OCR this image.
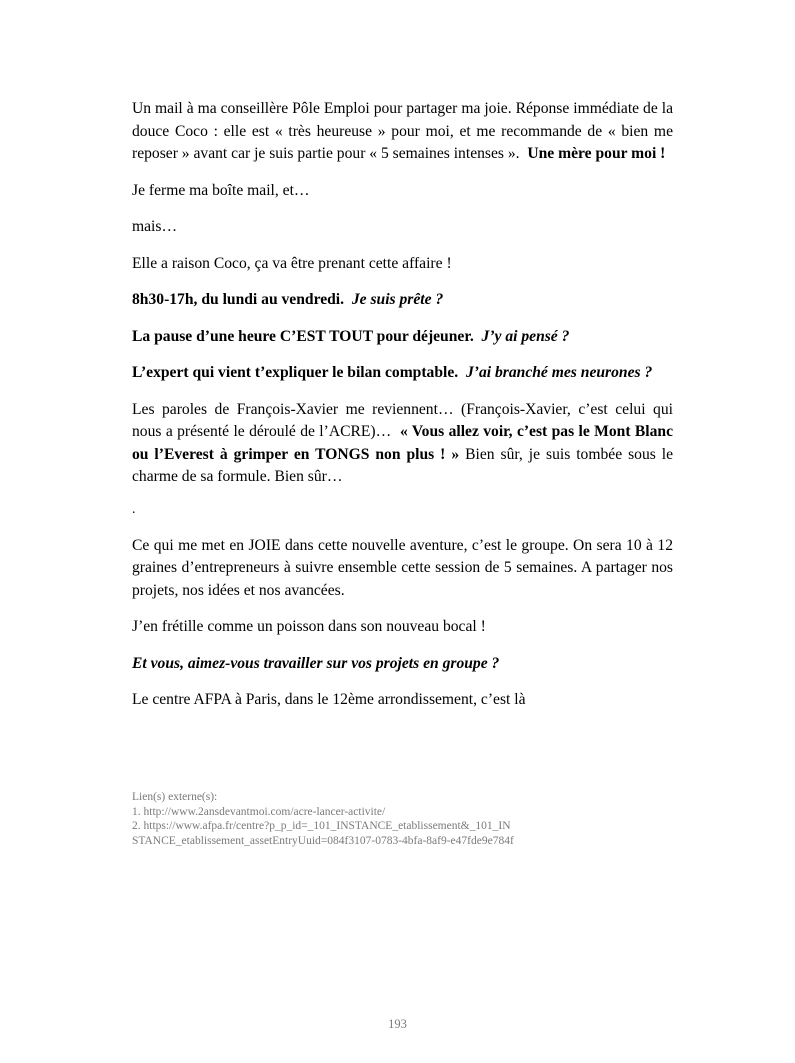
Un mail à ma conseillère Pôle Emploi pour partager ma joie. Réponse immédiate de la douce Coco : elle est « très heureuse » pour moi, et me recommande de « bien me reposer » avant car je suis partie pour « 5 semaines intenses ». Une mère pour moi !

Je ferme ma boîte mail, et…

mais…

Elle a raison Coco, ça va être prenant cette affaire !

8h30-17h, du lundi au vendredi. Je suis prête ?

La pause d’une heure C’EST TOUT pour déjeuner. J’y ai pensé ?

L’expert qui vient t’expliquer le bilan comptable. J’ai branché mes neurones ?

Les paroles de François-Xavier me reviennent… (François-Xavier, c’est celui qui nous a présenté le déroulé de l’ACRE)… « Vous allez voir, c’est pas le Mont Blanc ou l’Everest à grimper en TONGS non plus ! » Bien sûr, je suis tombée sous le charme de sa formule. Bien sûr…

.

Ce qui me met en JOIE dans cette nouvelle aventure, c’est le groupe. On sera 10 à 12 graines d’entrepreneurs à suivre ensemble cette session de 5 semaines. A partager nos projets, nos idées et nos avancées.

J’en frétille comme un poisson dans son nouveau bocal !

Et vous, aimez-vous travailler sur vos projets en groupe ?

Le centre AFPA à Paris, dans le 12ème arrondissement, c’est là

Lien(s) externe(s):
1. http://www.2ansdevantmoi.com/acre-lancer-activite/
2. https://www.afpa.fr/centre?p_p_id=_101_INSTANCE_etablissement&_101_IN
STANCE_etablissement_assetEntryUuid=084f3107-0783-4bfa-8af9-e47fde9e784f
193
